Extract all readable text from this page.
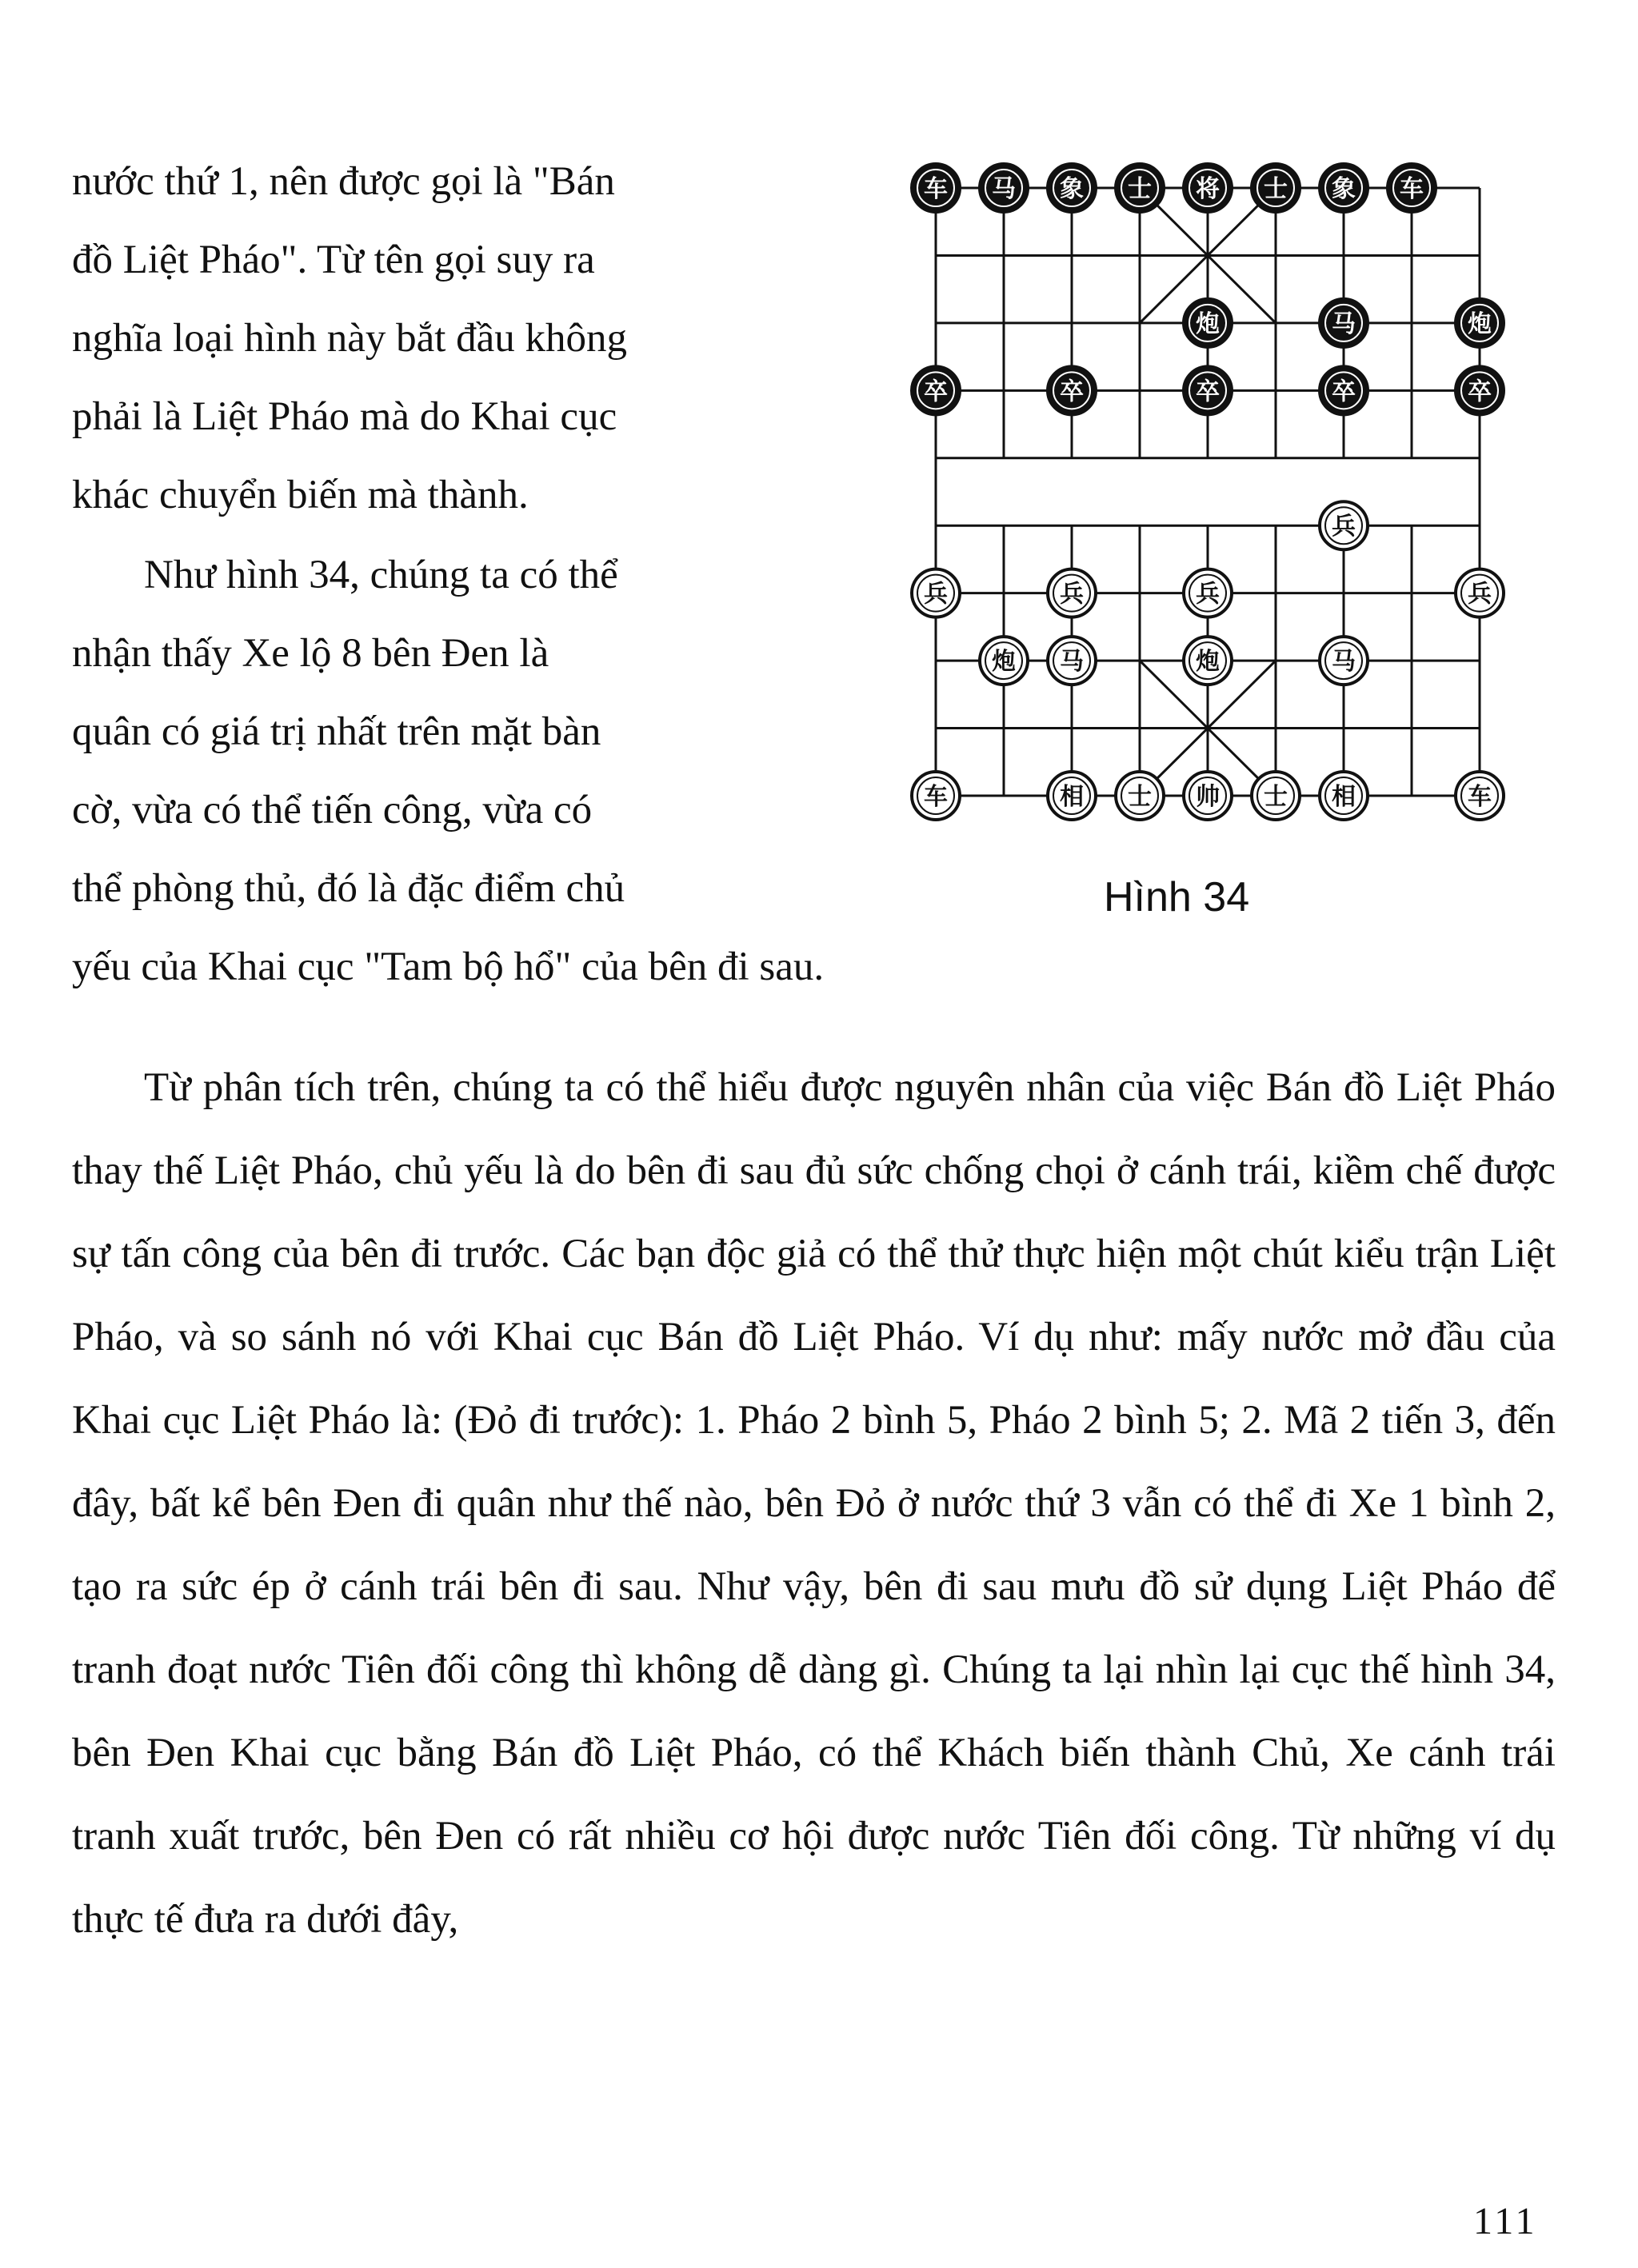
nước thứ 1, nên được gọi là "Bán
đồ Liệt Pháo". Từ tên gọi suy ra
nghĩa loại hình này bắt đầu không
phải là Liệt Pháo mà do Khai cục
khác chuyển biến mà thành.

Như hình 34, chúng ta có thể
nhận thấy Xe lộ 8 bên Đen là
quân có giá trị nhất trên mặt bàn
cờ, vừa có thể tiến công, vừa có
thể phòng thủ, đó là đặc điểm chủ
yếu của Khai cục "Tam bộ hổ" của bên đi sau.

车 马 象 士 将 士 象 车
炮	马	炮
卒	卒	卒	卒	卒
兵
兵	兵	兵	兵
炮 马	炮	马
车	相 士 帅 士 相	车
Hình 34

Từ phân tích trên, chúng ta có thể hiểu được nguyên nhân của việc Bán đồ Liệt Pháo thay thế Liệt Pháo, chủ yếu là do bên đi sau đủ sức chống chọi ở cánh trái, kiềm chế được sự tấn công của bên đi trước. Các bạn độc giả có thể thử thực hiện một chút kiểu trận Liệt Pháo, và so sánh nó với Khai cục Bán đồ Liệt Pháo. Ví dụ như: mấy nước mở đầu của Khai cục Liệt Pháo là: (Đỏ đi trước): 1. Pháo 2 bình 5, Pháo 2 bình 5; 2. Mã 2 tiến 3, đến đây, bất kể bên Đen đi quân như thế nào, bên Đỏ ở nước thứ 3 vẫn có thể đi Xe 1 bình 2, tạo ra sức ép ở cánh trái bên đi sau. Như vậy, bên đi sau mưu đồ sử dụng Liệt Pháo để tranh đoạt nước Tiên đối công thì không dễ dàng gì. Chúng ta lại nhìn lại cục thế hình 34, bên Đen Khai cục bằng Bán đồ Liệt Pháo, có thể Khách biến thành Chủ, Xe cánh trái tranh xuất trước, bên Đen có rất nhiều cơ hội được nước Tiên đối công. Từ những ví dụ thực tế đưa ra dưới đây,

111
